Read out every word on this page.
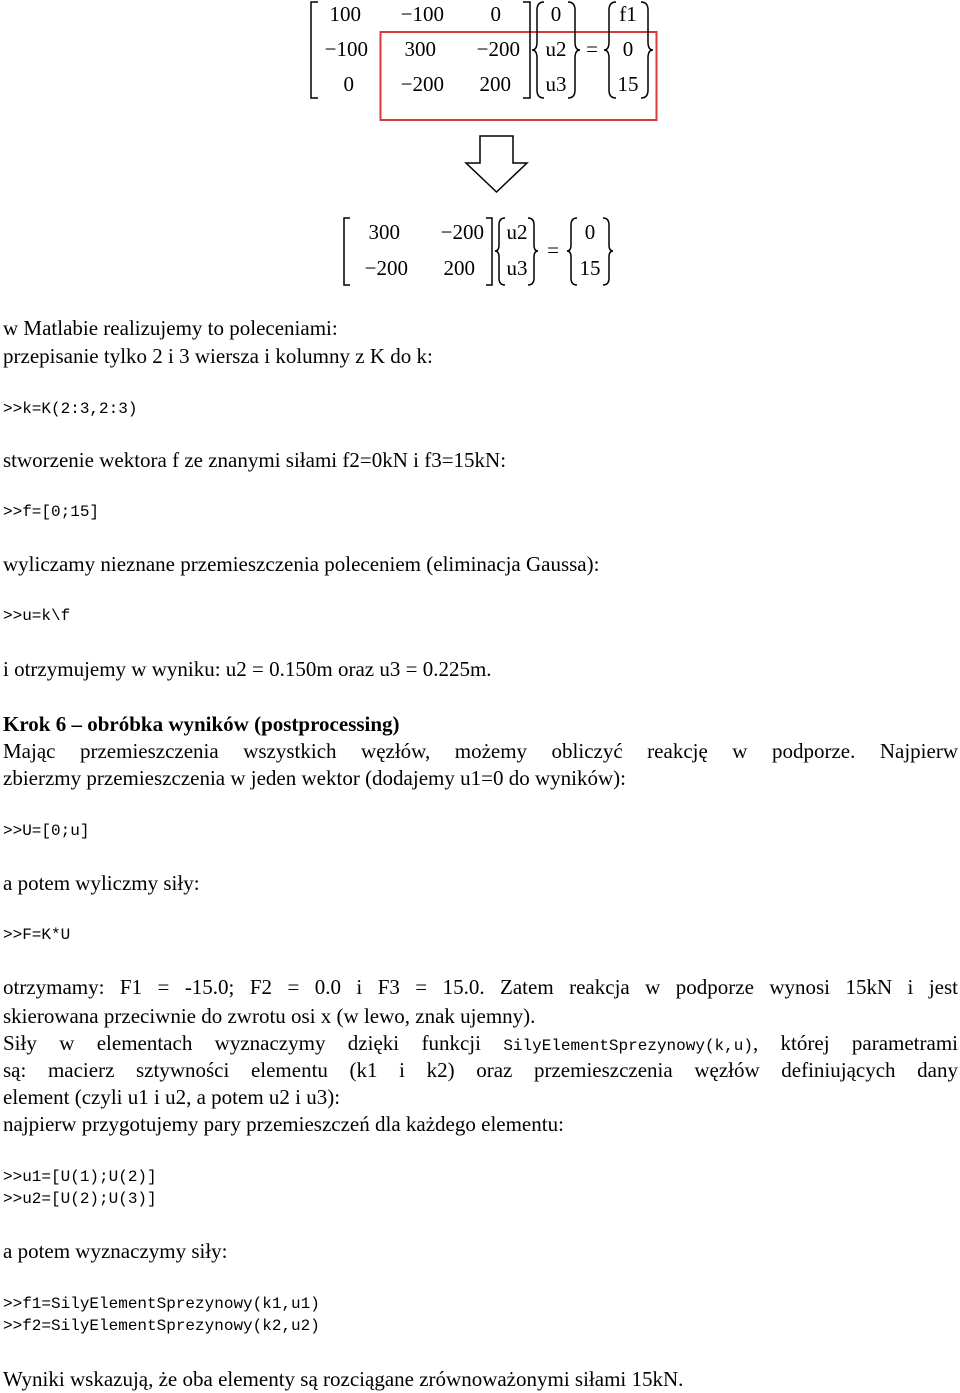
100 −100 0
−100 300 −200
0 −200 200
0
u2
u3
=
f1
0
15
300 −200
−200 200
u2
u3
=
0
15
w Matlabie realizujemy to poleceniami:
przepisanie tylko 2 i 3 wiersza i kolumny z K do k:
>>k=K(2:3,2:3)
stworzenie wektora f ze znanymi siłami f2=0kN i f3=15kN:
>>f=[0;15]
wyliczamy nieznane przemieszczenia poleceniem (eliminacja Gaussa):
>>u=k\f
i otrzymujemy w wyniku: u2 = 0.150m oraz u3 = 0.225m.
Krok 6 – obróbka wyników (postprocessing)
Mając przemieszczenia wszystkich węzłów, możemy obliczyć reakcję w podporze. Najpierw
zbierzmy przemieszczenia w jeden wektor (dodajemy u1=0 do wyników):
>>U=[0;u]
a potem wyliczmy siły:
>>F=K*U
otrzymamy: F1 = -15.0; F2 = 0.0 i F3 = 15.0. Zatem reakcja w podporze wynosi 15kN i jest
skierowana przeciwnie do zwrotu osi x (w lewo, znak ujemny).
Siły w elementach wyznaczymy dzięki funkcji SilyElementSprezynowy(k,u), której parametrami
są: macierz sztywności elementu (k1 i k2) oraz przemieszczenia węzłów definiujących dany
element (czyli u1 i u2, a potem u2 i u3):
najpierw przygotujemy pary przemieszczeń dla każdego elementu:
>>u1=[U(1);U(2)]
>>u2=[U(2);U(3)]
a potem wyznaczymy siły:
>>f1=SilyElementSprezynowy(k1,u1)
>>f2=SilyElementSprezynowy(k2,u2)
Wyniki wskazują, że oba elementy są rozciągane zrównoważonymi siłami 15kN.
